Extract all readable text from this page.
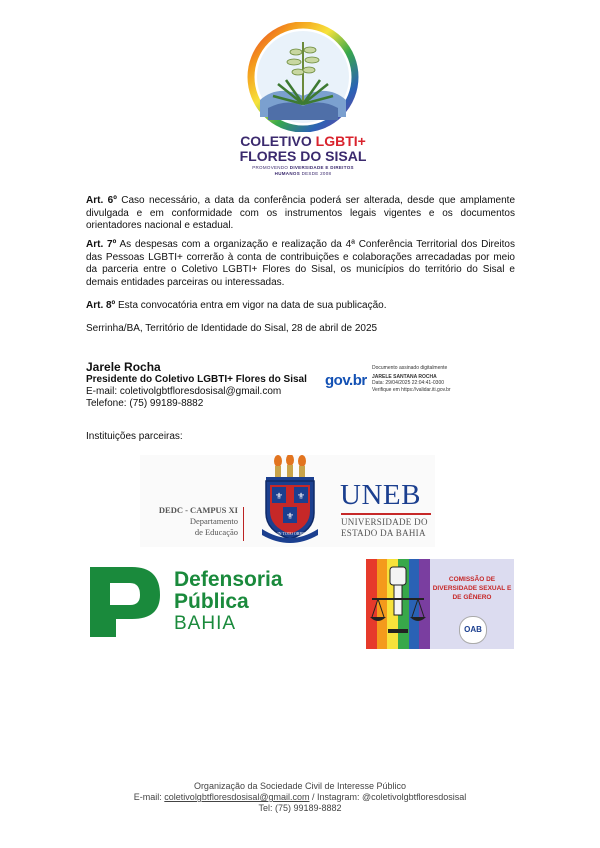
COLETIVO LGBTI+
FLORES DO SISAL
PROMOVENDO DIVERSIDADE E DIREITOS
HUMANOS DESDE 2008
Art. 6º Caso necessário, a data da conferência poderá ser alterada, desde que amplamente divulgada e em conformidade com os instrumentos legais vigentes e os documentos orientadores nacional e estadual.
Art. 7º As despesas com a organização e realização da 4ª Conferência Territorial dos Direitos das Pessoas LGBTI+ correrão à conta de contribuições e colaborações arrecadadas por meio da parceria entre o Coletivo LGBTI+ Flores do Sisal, os municípios do território do Sisal e demais entidades parceiras ou interessadas.
Art. 8º Esta convocatória entra em vigor na data de sua publicação.
Serrinha/BA, Território de Identidade do Sisal, 28 de abril de 2025
Jarele Rocha
Presidente do Coletivo LGBTI+ Flores do Sisal
E-mail: coletivolgbtfloresdosisal@gmail.com
Telefone: (75) 99189-8882
gov.br
Documento assinado digitalmente
JARELE SANTANA ROCHA
Data: 29/04/2025 22:04:41-0300
Verifique em https://validar.iti.gov.br
Instituições parceiras:
DEDC - CAMPUS XI
Departamento
de Educação
⚜ ⚜
⚜
IN TOTO ORBE
UNEB
UNIVERSIDADE DO
ESTADO DA BAHIA
Defensoria
Pública
BAHIA
COMISSÃO DE
DIVERSIDADE SEXUAL E
DE GÊNERO
OAB
Organização da Sociedade Civil de Interesse Público
E-mail: coletivolgbtfloresdosisal@gmail.com / Instagram: @coletivolgbtfloresdosisal
Tel: (75) 99189-8882
